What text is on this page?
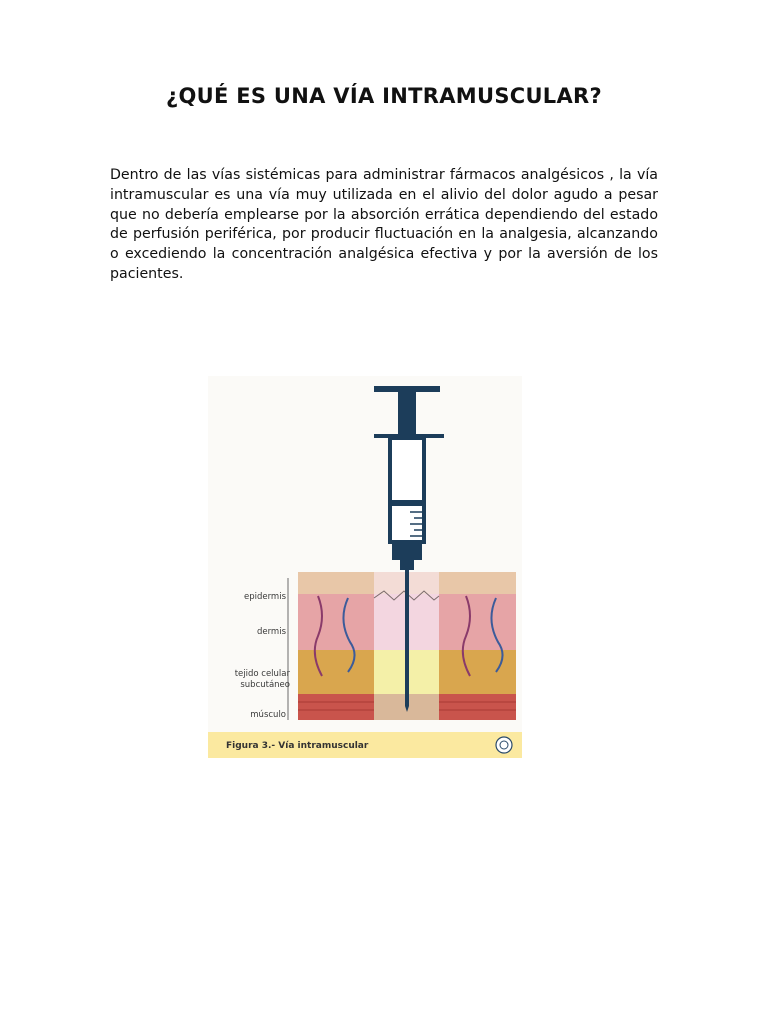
¿QUÉ ES UNA VÍA INTRAMUSCULAR?

Dentro de las vías sistémicas para administrar fármacos analgésicos , la vía intramuscular es una vía muy utilizada en el alivio del dolor agudo a pesar que no debería emplearse por la absorción errática dependiendo del estado de perfusión periférica, por producir fluctuación en la analgesia, alcanzando o excediendo la concentración analgésica efectiva y por la aversión de los pacientes.

epidermis
dermis
tejido celular
subcutáneo
músculo
Figura 3.- Vía intramuscular
